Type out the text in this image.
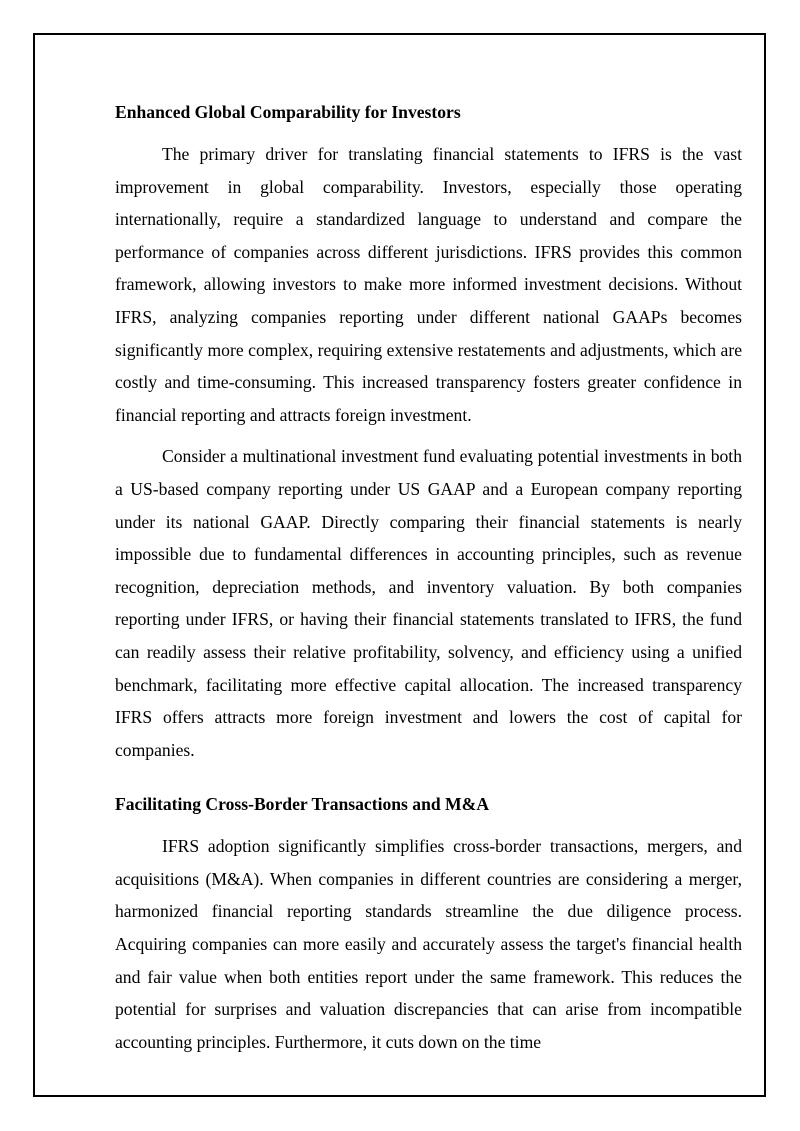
Enhanced Global Comparability for Investors

The primary driver for translating financial statements to IFRS is the vast improvement in global comparability. Investors, especially those operating internationally, require a standardized language to understand and compare the performance of companies across different jurisdictions. IFRS provides this common framework, allowing investors to make more informed investment decisions. Without IFRS, analyzing companies reporting under different national GAAPs becomes significantly more complex, requiring extensive restatements and adjustments, which are costly and time-consuming. This increased transparency fosters greater confidence in financial reporting and attracts foreign investment.

Consider a multinational investment fund evaluating potential investments in both a US-based company reporting under US GAAP and a European company reporting under its national GAAP. Directly comparing their financial statements is nearly impossible due to fundamental differences in accounting principles, such as revenue recognition, depreciation methods, and inventory valuation. By both companies reporting under IFRS, or having their financial statements translated to IFRS, the fund can readily assess their relative profitability, solvency, and efficiency using a unified benchmark, facilitating more effective capital allocation. The increased transparency IFRS offers attracts more foreign investment and lowers the cost of capital for companies.

Facilitating Cross-Border Transactions and M&A

IFRS adoption significantly simplifies cross-border transactions, mergers, and acquisitions (M&A). When companies in different countries are considering a merger, harmonized financial reporting standards streamline the due diligence process. Acquiring companies can more easily and accurately assess the target's financial health and fair value when both entities report under the same framework. This reduces the potential for surprises and valuation discrepancies that can arise from incompatible accounting principles. Furthermore, it cuts down on the time
